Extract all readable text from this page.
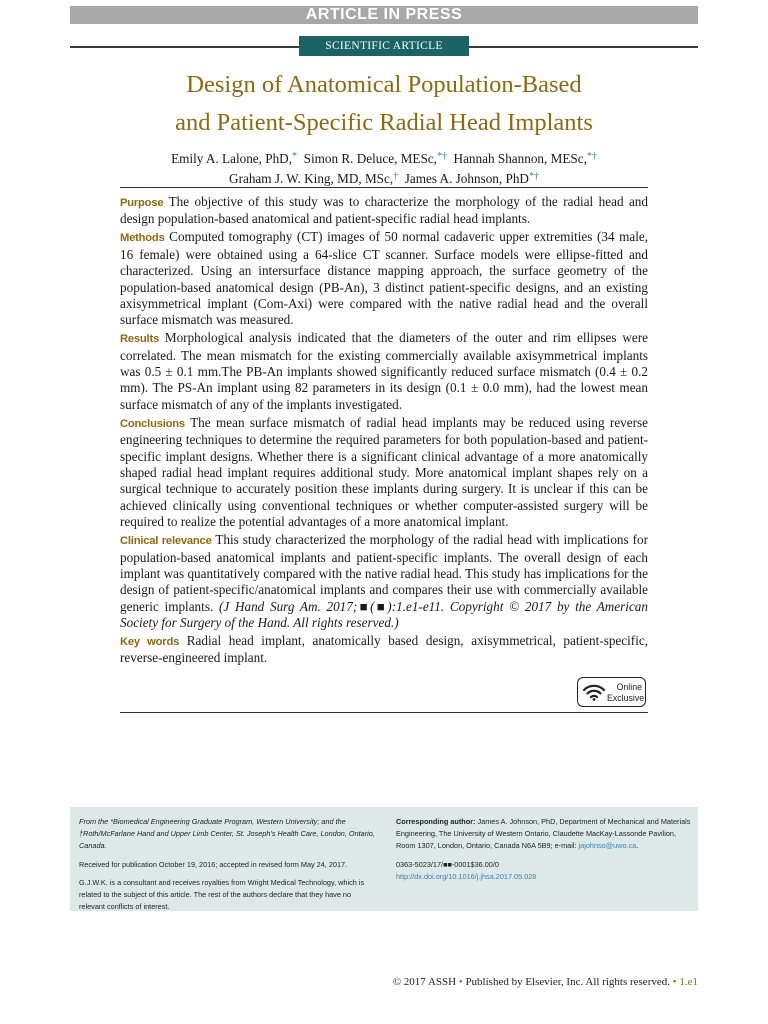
ARTICLE IN PRESS
SCIENTIFIC ARTICLE
Design of Anatomical Population-Based
and Patient-Specific Radial Head Implants
Emily A. Lalone, PhD,* Simon R. Deluce, MESc,*† Hannah Shannon, MESc,*†
Graham J. W. King, MD, MSc,† James A. Johnson, PhD*†

Purpose The objective of this study was to characterize the morphology of the radial head and design population-based anatomical and patient-specific radial head implants.

Methods Computed tomography (CT) images of 50 normal cadaveric upper extremities (34 male, 16 female) were obtained using a 64-slice CT scanner. Surface models were ellipse-fitted and characterized. Using an intersurface distance mapping approach, the surface geometry of the population-based anatomical design (PB-An), 3 distinct patient-specific designs, and an existing axisymmetrical implant (Com-Axi) were compared with the native radial head and the overall surface mismatch was measured.

Results Morphological analysis indicated that the diameters of the outer and rim ellipses were correlated. The mean mismatch for the existing commercially available axisymmetrical implants was 0.5 ± 0.1 mm.The PB-An implants showed significantly reduced surface mismatch (0.4 ± 0.2 mm). The PS-An implant using 82 parameters in its design (0.1 ± 0.0 mm), had the lowest mean surface mismatch of any of the implants investigated.

Conclusions The mean surface mismatch of radial head implants may be reduced using reverse engineering techniques to determine the required parameters for both population-based and patient-specific implant designs. Whether there is a significant clinical advantage of a more anatomically shaped radial head implant requires additional study. More anatomical implant shapes rely on a surgical technique to accurately position these implants during surgery. It is unclear if this can be achieved clinically using conventional techniques or whether computer-assisted surgery will be required to realize the potential advantages of a more anatomical implant.

Clinical relevance This study characterized the morphology of the radial head with implications for population-based anatomical implants and patient-specific implants. The overall design of each implant was quantitatively compared with the native radial head. This study has implications for the design of patient-specific/anatomical implants and compares their use with commercially available generic implants. (J Hand Surg Am. 2017;■(■):1.e1-e11. Copyright © 2017 by the American Society for Surgery of the Hand. All rights reserved.)

Key words Radial head implant, anatomically based design, axisymmetrical, patient-specific, reverse-engineered implant.

Online
Exclusive

From the *Biomedical Engineering Graduate Program, Western University; and the †Roth/McFarlane Hand and Upper Limb Center, St. Joseph's Health Care, London, Ontario, Canada.

Received for publication October 19, 2016; accepted in revised form May 24, 2017.

G.J.W.K. is a consultant and receives royalties from Wright Medical Technology, which is related to the subject of this article. The rest of the authors declare that they have no relevant conflicts of interest.

Corresponding author: James A. Johnson, PhD, Department of Mechanical and Materials Engineering, The University of Western Ontario, Claudette MacKay-Lassonde Pavilion, Room 1307, London, Ontario, Canada N6A 5B9; e-mail: jajohnso@uwo.ca.

0363-5023/17/■■-0001$36.00/0
http://dx.doi.org/10.1016/j.jhsa.2017.05.028

© 2017 ASSH • Published by Elsevier, Inc. All rights reserved. • 1.e1
